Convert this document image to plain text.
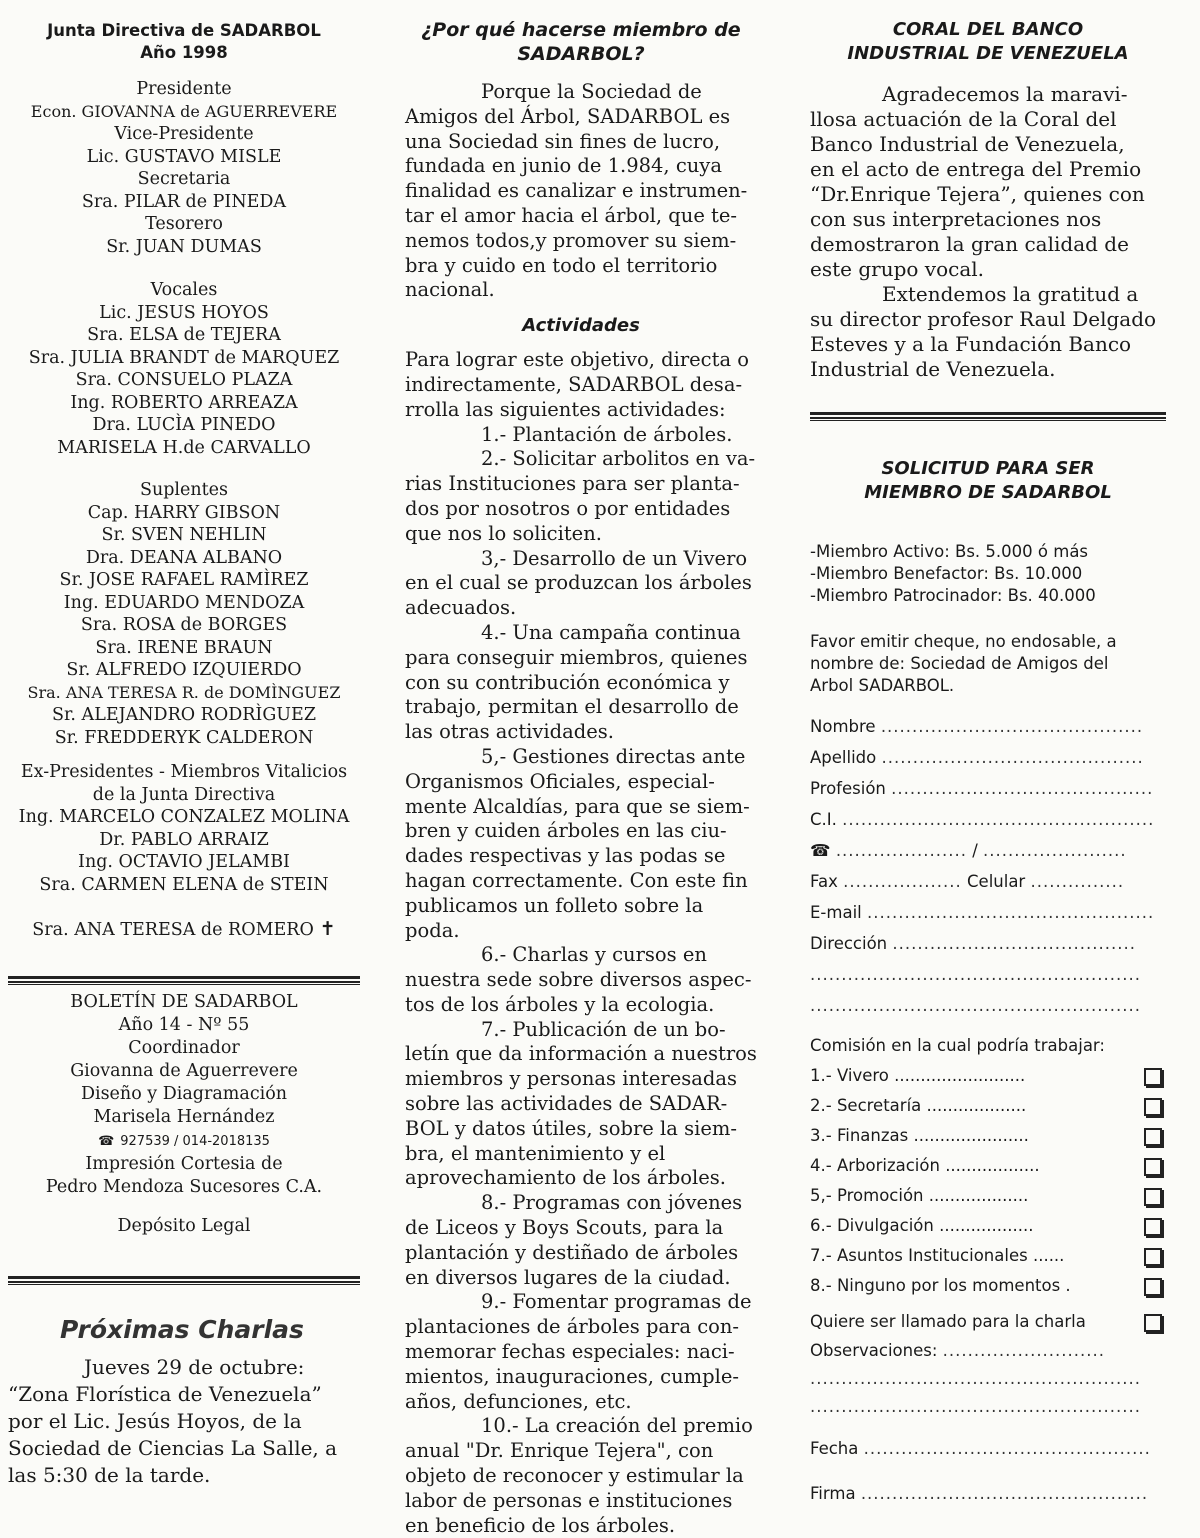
Junta Directiva de SADARBOL
Año 1998
Presidente
Econ. GIOVANNA de AGUERREVERE
Vice-Presidente
Lic. GUSTAVO MISLE
Secretaria
Sra. PILAR de PINEDA
Tesorero
Sr. JUAN DUMAS
Vocales
Lic. JESUS HOYOS
Sra. ELSA de TEJERA
Sra. JULIA BRANDT de MARQUEZ
Sra. CONSUELO PLAZA
Ing. ROBERTO ARREAZA
Dra. LUCÌA PINEDO
MARISELA H.de CARVALLO
Suplentes
Cap. HARRY GIBSON
Sr. SVEN NEHLIN
Dra. DEANA ALBANO
Sr. JOSE RAFAEL RAMÌREZ
Ing. EDUARDO MENDOZA
Sra. ROSA de BORGES
Sra. IRENE BRAUN
Sr. ALFREDO IZQUIERDO
Sra. ANA TERESA R. de DOMÌNGUEZ
Sr. ALEJANDRO RODRÌGUEZ
Sr. FREDDERYK CALDERON
Ex-Presidentes - Miembros Vitalicios
de la Junta Directiva
Ing. MARCELO CONZALEZ MOLINA
Dr. PABLO ARRAIZ
Ing. OCTAVIO JELAMBI
Sra. CARMEN ELENA de STEIN
Sra. ANA TERESA de ROMERO ✝
BOLETÍN DE SADARBOL
Año 14 - Nº 55
Coordinador
Giovanna de Aguerrevere
Diseño y Diagramación
Marisela Hernández
☎ 927539 / 014-2018135
Impresión Cortesia de
Pedro Mendoza Sucesores C.A.
Depósito Legal
Próximas Charlas
Jueves 29 de octubre:
“Zona Florística de Venezuela”
por el Lic. Jesús Hoyos, de la
Sociedad de Ciencias La Salle, a
las 5:30 de la tarde.
¿Por qué hacerse miembro de
SADARBOL?
Porque la Sociedad de
Amigos del Árbol, SADARBOL es
una Sociedad sin fines de lucro,
fundada en junio de 1.984, cuya
finalidad es canalizar e instrumen-
tar el amor hacia el árbol, que te-
nemos todos,y promover su siem-
bra y cuido en todo el territorio
nacional.
Actividades
Para lograr este objetivo, directa o
indirectamente, SADARBOL desa-
rrolla las siguientes actividades:
1.- Plantación de árboles.
2.- Solicitar arbolitos en va-
rias Instituciones para ser planta-
dos por nosotros o por entidades
que nos lo soliciten.
3,- Desarrollo de un Vivero
en el cual se produzcan los árboles
adecuados.
4.- Una campaña continua
para conseguir miembros, quienes
con su contribución económica y
trabajo, permitan el desarrollo de
las otras actividades.
5,- Gestiones directas ante
Organismos Oficiales, especial-
mente Alcaldías, para que se siem-
bren y cuiden árboles en las ciu-
dades respectivas y las podas se
hagan correctamente. Con este fin
publicamos un folleto sobre la
poda.
6.- Charlas y cursos en
nuestra sede sobre diversos aspec-
tos de los árboles y la ecologia.
7.- Publicación de un bo-
letín que da información a nuestros
miembros y personas interesadas
sobre las actividades de SADAR-
BOL y datos útiles, sobre la siem-
bra, el mantenimiento y el
aprovechamiento de los árboles.
8.- Programas con jóvenes
de Liceos y Boys Scouts, para la
plantación y destiñado de árboles
en diversos lugares de la ciudad.
9.- Fomentar programas de
plantaciones de árboles para con-
memorar fechas especiales: naci-
mientos, inauguraciones, cumple-
años, defunciones, etc.
10.- La creación del premio
anual "Dr. Enrique Tejera", con
objeto de reconocer y estimular la
labor de personas e instituciones
en beneficio de los árboles.
CORAL DEL BANCO
INDUSTRIAL DE VENEZUELA
Agradecemos la maravi-
llosa actuación de la Coral del
Banco Industrial de Venezuela,
en el acto de entrega del Premio
“Dr.Enrique Tejera”, quienes con
con sus interpretaciones nos
demostraron la gran calidad de
este grupo vocal.
Extendemos la gratitud a
su director profesor Raul Delgado
Esteves y a la Fundación Banco
Industrial de Venezuela.
SOLICITUD PARA SER
MIEMBRO DE SADARBOL
-Miembro Activo: Bs. 5.000 ó más
-Miembro Benefactor: Bs. 10.000
-Miembro Patrocinador: Bs. 40.000
Favor emitir cheque, no endosable, a
nombre de: Sociedad de Amigos del
Arbol SADARBOL.
Nombre ..........................................
Apellido ..........................................
Profesión ..........................................
C.I. ..................................................
☎ ..................... / .......................
Fax ................... Celular ...............
E-mail ..............................................
Dirección .......................................
.....................................................
.....................................................
Comisión en la cual podría trabajar:
1.- Vivero .........................
2.- Secretaría ...................
3.- Finanzas ......................
4.- Arborización ..................
5,- Promoción ...................
6.- Divulgación ..................
7.- Asuntos Institucionales ......
8.- Ninguno por los momentos .
Quiere ser llamado para la charla
Observaciones: ..........................
.....................................................
.....................................................
Fecha ..............................................
Firma ..............................................
